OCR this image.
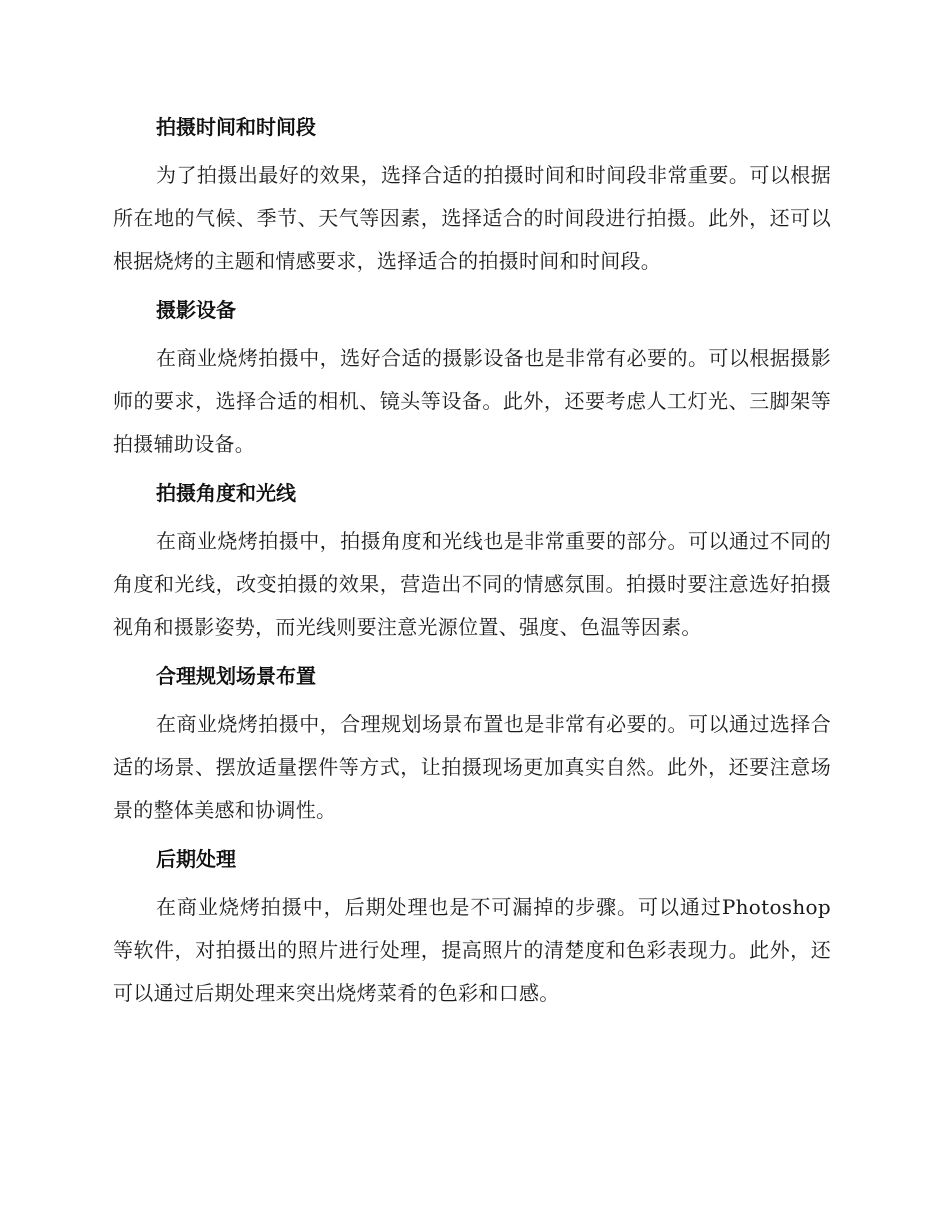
拍摄时间和时间段

为了拍摄出最好的效果，选择合适的拍摄时间和时间段非常重要。可以根据所在地的气候、季节、天气等因素，选择适合的时间段进行拍摄。此外，还可以根据烧烤的主题和情感要求，选择适合的拍摄时间和时间段。

摄影设备

在商业烧烤拍摄中，选好合适的摄影设备也是非常有必要的。可以根据摄影师的要求，选择合适的相机、镜头等设备。此外，还要考虑人工灯光、三脚架等拍摄辅助设备。

拍摄角度和光线

在商业烧烤拍摄中，拍摄角度和光线也是非常重要的部分。可以通过不同的角度和光线，改变拍摄的效果，营造出不同的情感氛围。拍摄时要注意选好拍摄视角和摄影姿势，而光线则要注意光源位置、强度、色温等因素。

合理规划场景布置

在商业烧烤拍摄中，合理规划场景布置也是非常有必要的。可以通过选择合适的场景、摆放适量摆件等方式，让拍摄现场更加真实自然。此外，还要注意场景的整体美感和协调性。

后期处理

在商业烧烤拍摄中，后期处理也是不可漏掉的步骤。可以通过Photoshop等软件，对拍摄出的照片进行处理，提高照片的清楚度和色彩表现力。此外，还可以通过后期处理来突出烧烤菜肴的色彩和口感。
